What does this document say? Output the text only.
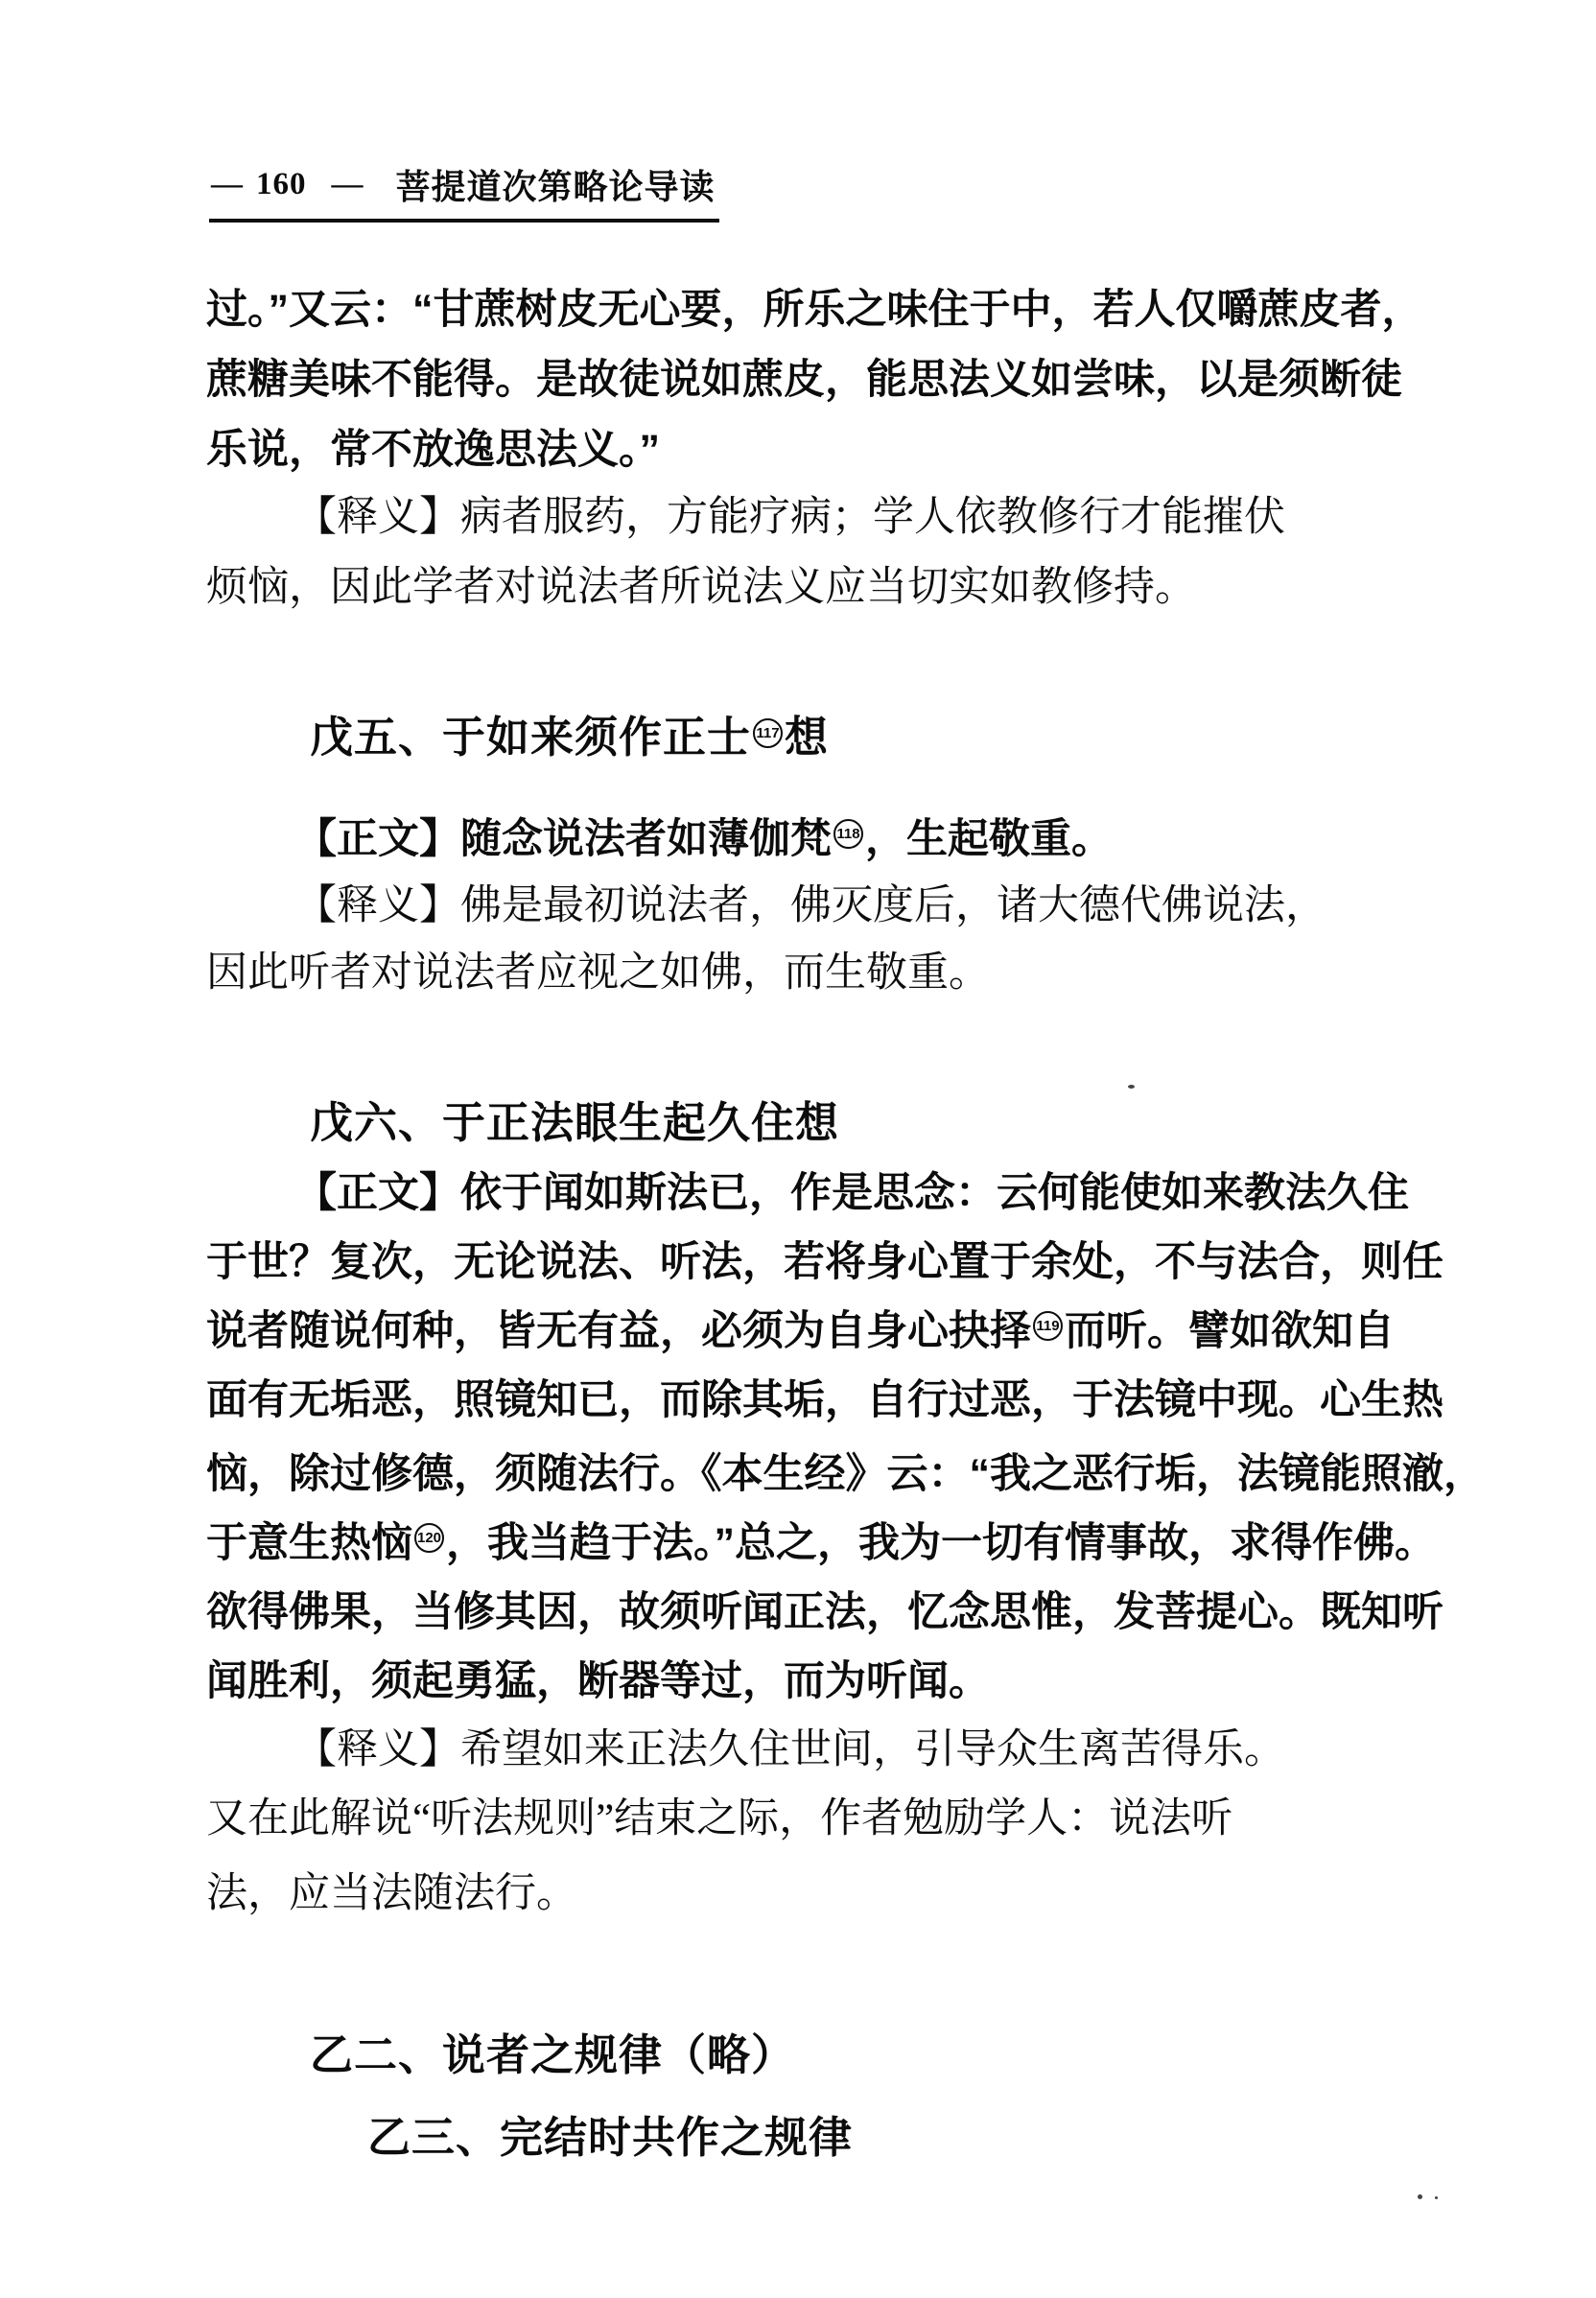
— 160 — 菩提道次第略论导读
过。”又云：“甘蔗树皮无心要，所乐之味住于中，若人仅嚼蔗皮者，
蔗糖美味不能得。是故徒说如蔗皮，能思法义如尝味，以是须断徒
乐说，常不放逸思法义。”
【释义】病者服药，方能疗病；学人依教修行才能摧伏
烦恼，因此学者对说法者所说法义应当切实如教修持。
戊五、于如来须作正士 117 想
【正文】随念说法者如薄伽梵 118 ，生起敬重。
【释义】佛是最初说法者，佛灭度后，诸大德代佛说法，
因此听者对说法者应视之如佛，而生敬重。
戊六、于正法眼生起久住想
【正文】依于闻如斯法已，作是思念：云何能使如来教法久住
于世？复次，无论说法、听法，若将身心置于余处，不与法合，则任
说者随说何种，皆无有益，必须为自身心抉择 119 而听。譬如欲知自
面有无垢恶，照镜知已，而除其垢，自行过恶，于法镜中现。心生热
恼，除过修德，须随法行。《本生经》云：“我之恶行垢，法镜能照澈，
于意生热恼 120 ，我当趋于法。”总之，我为一切有情事故，求得作佛。
欲得佛果，当修其因，故须听闻正法，忆念思惟，发菩提心。既知听
闻胜利，须起勇猛，断器等过，而为听闻。
【释义】希望如来正法久住世间，引导众生离苦得乐。
又在此解说“听法规则”结束之际，作者勉励学人：说法听
法，应当法随法行。
乙二、说者之规律（略）
乙三、完结时共作之规律
